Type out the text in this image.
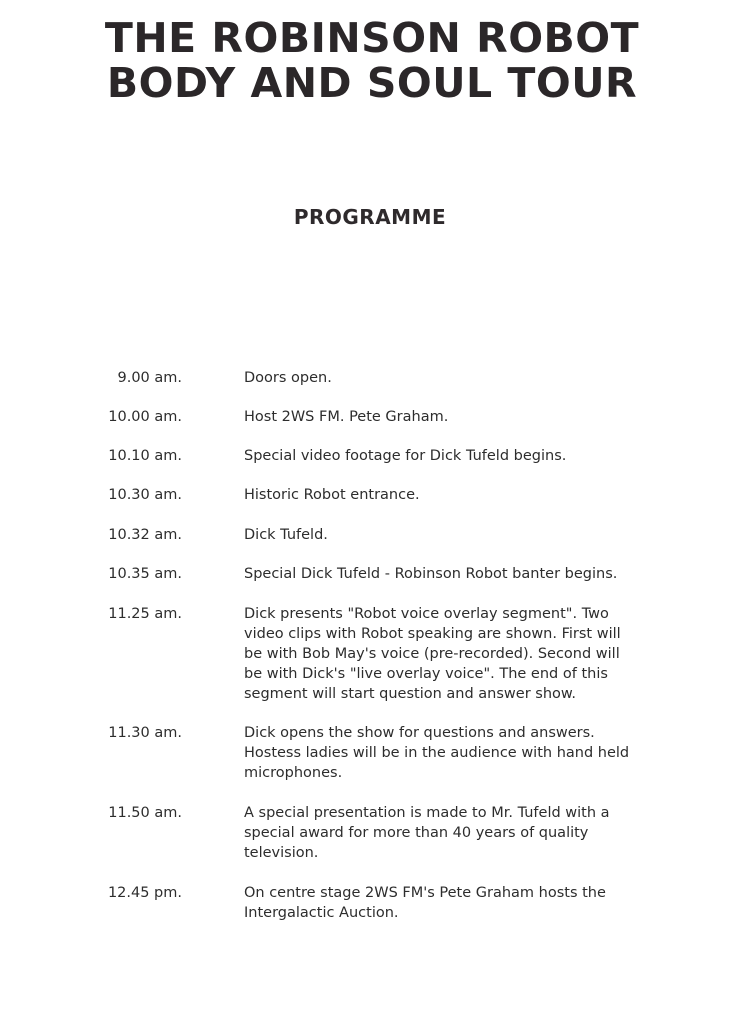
THE ROBINSON ROBOT
BODY AND SOUL TOUR
PROGRAMME
9.00 am.	Doors open.
10.00 am.	Host 2WS FM. Pete Graham.
10.10 am.	Special video footage for Dick Tufeld begins.
10.30 am.	Historic Robot entrance.
10.32 am.	Dick Tufeld.
10.35 am.	Special Dick Tufeld - Robinson Robot banter begins.
11.25 am.	Dick presents "Robot voice overlay segment". Two
video clips with Robot speaking are shown. First will
be with Bob May's voice (pre-recorded). Second will
be with Dick's "live overlay voice". The end of this
segment will start question and answer show.
11.30 am.	Dick opens the show for questions and answers.
Hostess ladies will be in the audience with hand held
microphones.
11.50 am.	A special presentation is made to Mr. Tufeld with a
special award for more than 40 years of quality
television.
12.45 pm.	On centre stage 2WS FM's Pete Graham hosts the
Intergalactic Auction.
